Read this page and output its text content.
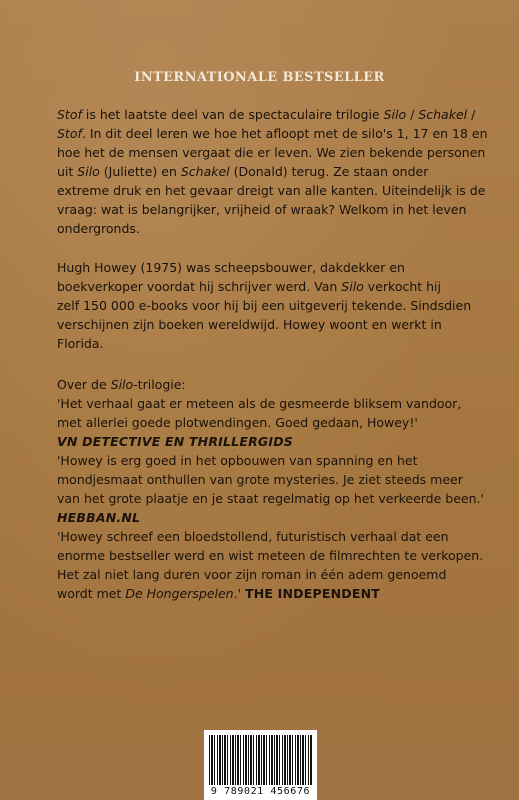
INTERNATIONALE BESTSELLER
Stof is het laatste deel van de spectaculaire trilogie Silo / Schakel /
Stof. In dit deel leren we hoe het afloopt met de silo's 1, 17 en 18 en
hoe het de mensen vergaat die er leven. We zien bekende personen
uit Silo (Juliette) en Schakel (Donald) terug. Ze staan onder
extreme druk en het gevaar dreigt van alle kanten. Uiteindelijk is de
vraag: wat is belangrijker, vrijheid of wraak? Welkom in het leven
ondergronds.
Hugh Howey (1975) was scheepsbouwer, dakdekker en
boekverkoper voordat hij schrijver werd. Van Silo verkocht hij
zelf 150 000 e-books voor hij bij een uitgeverij tekende. Sindsdien
verschijnen zijn boeken wereldwijd. Howey woont en werkt in
Florida.
Over de Silo-trilogie:
'Het verhaal gaat er meteen als de gesmeerde bliksem vandoor,
met allerlei goede plotwendingen. Goed gedaan, Howey!'
VN DETECTIVE EN THRILLERGIDS
'Howey is erg goed in het opbouwen van spanning en het
mondjesmaat onthullen van grote mysteries. Je ziet steeds meer
van het grote plaatje en je staat regelmatig op het verkeerde been.'
HEBBAN.NL
'Howey schreef een bloedstollend, futuristisch verhaal dat een
enorme bestseller werd en wist meteen de filmrechten te verkopen.
Het zal niet lang duren voor zijn roman in één adem genoemd
wordt met De Hongerspelen.' THE INDEPENDENT
9 789021 456676
